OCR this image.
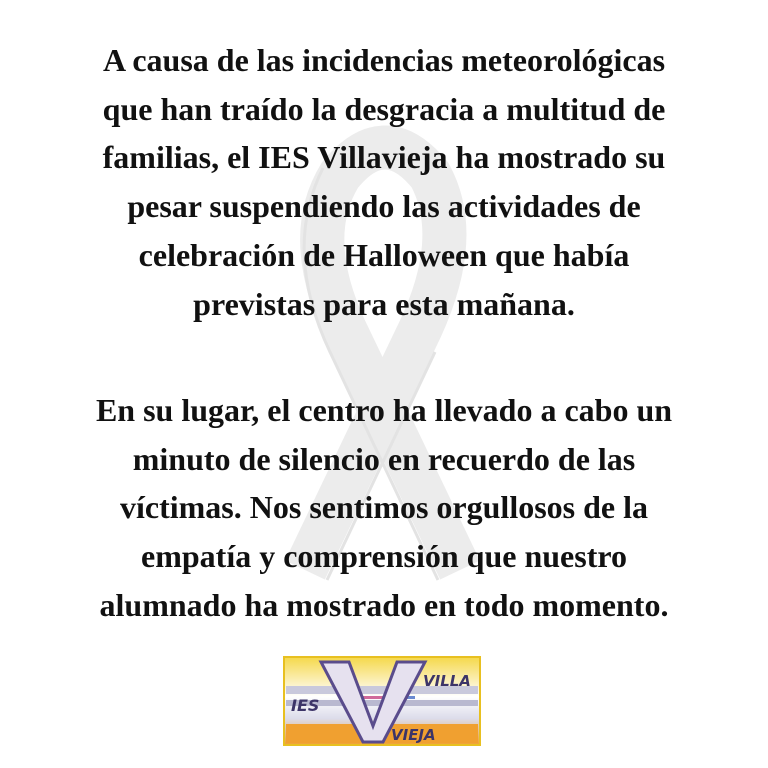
A causa de las incidencias meteorológicas
que han traído la desgracia a multitud de
familias, el IES Villavieja ha mostrado su
pesar suspendiendo las actividades de
celebración de Halloween que había
previstas para esta mañana.
En su lugar, el centro ha llevado a cabo un
minuto de silencio en recuerdo de las
víctimas. Nos sentimos orgullosos de la
empatía y comprensión que nuestro
alumnado ha mostrado en todo momento.
IES
VILLA
VIEJA
